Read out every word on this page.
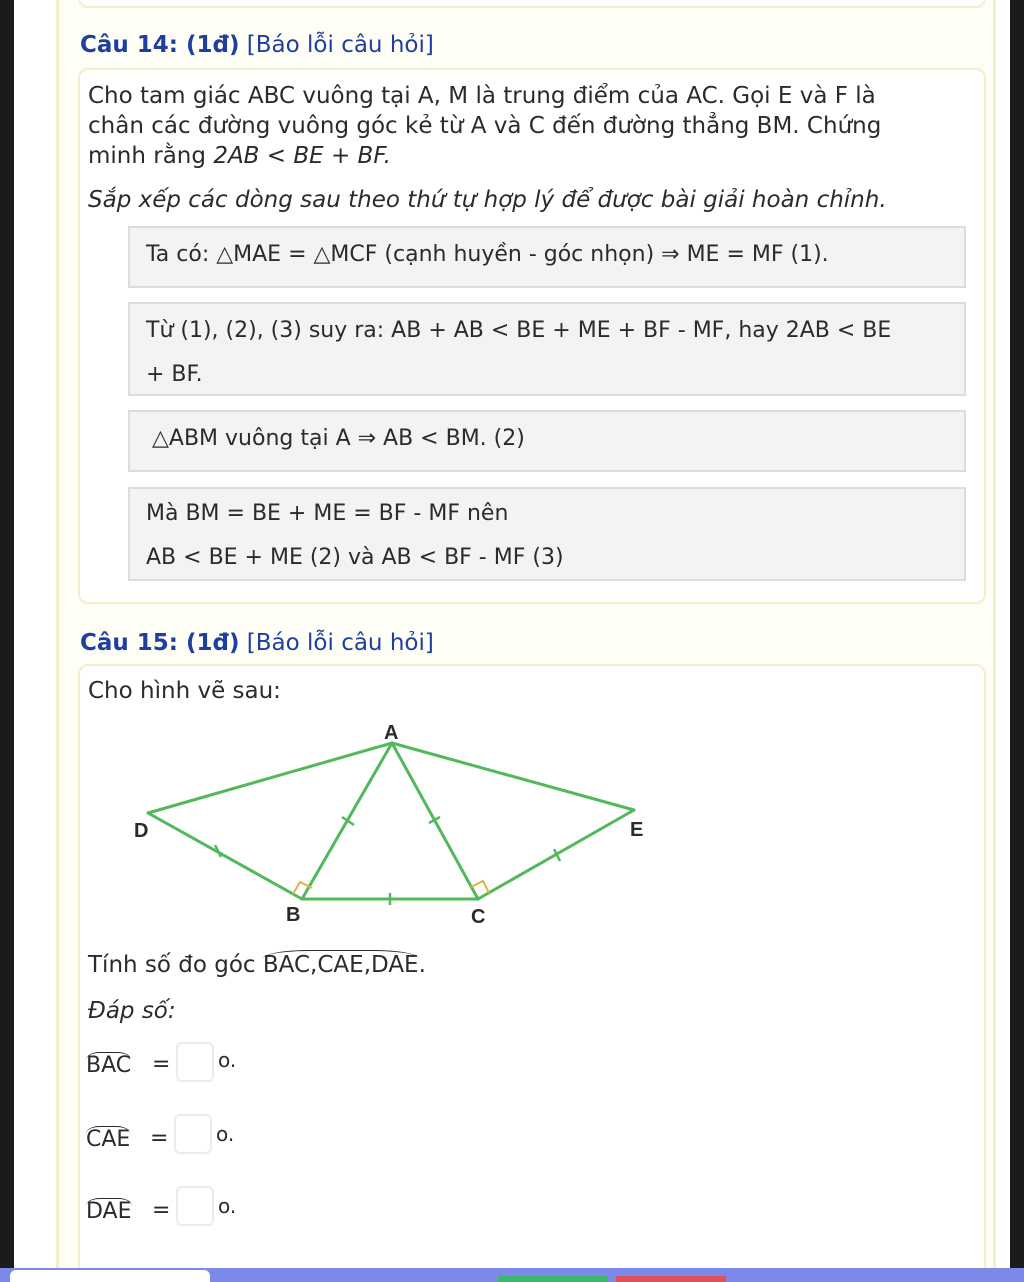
Câu 14: (1đ) [Báo lỗi câu hỏi]

Cho tam giác ABC vuông tại A, M là trung điểm của AC. Gọi E và F là

chân các đường vuông góc kẻ từ A và C đến đường thẳng BM. Chứng

minh rằng 2AB < BE + BF.

Sắp xếp các dòng sau theo thứ tự hợp lý để được bài giải hoàn chỉnh.

Ta có: △MAE = △MCF (cạnh huyền - góc nhọn) ⇒ ME = MF (1).

Từ (1), (2), (3) suy ra: AB + AB < BE + ME + BF - MF, hay 2AB < BE

+ BF.

△ABM vuông tại A ⇒ AB < BM. (2)

Mà BM = BE + ME = BF - MF nên

AB < BE + ME (2) và AB < BF - MF (3)

Câu 15: (1đ) [Báo lỗi câu hỏi]

Cho hình vẽ sau:

A
D	E
B	C

Tính số đo góc BAC,CAE,DAE.

Đáp số:

BAC = o.
CAE = o.
DAE = o.
